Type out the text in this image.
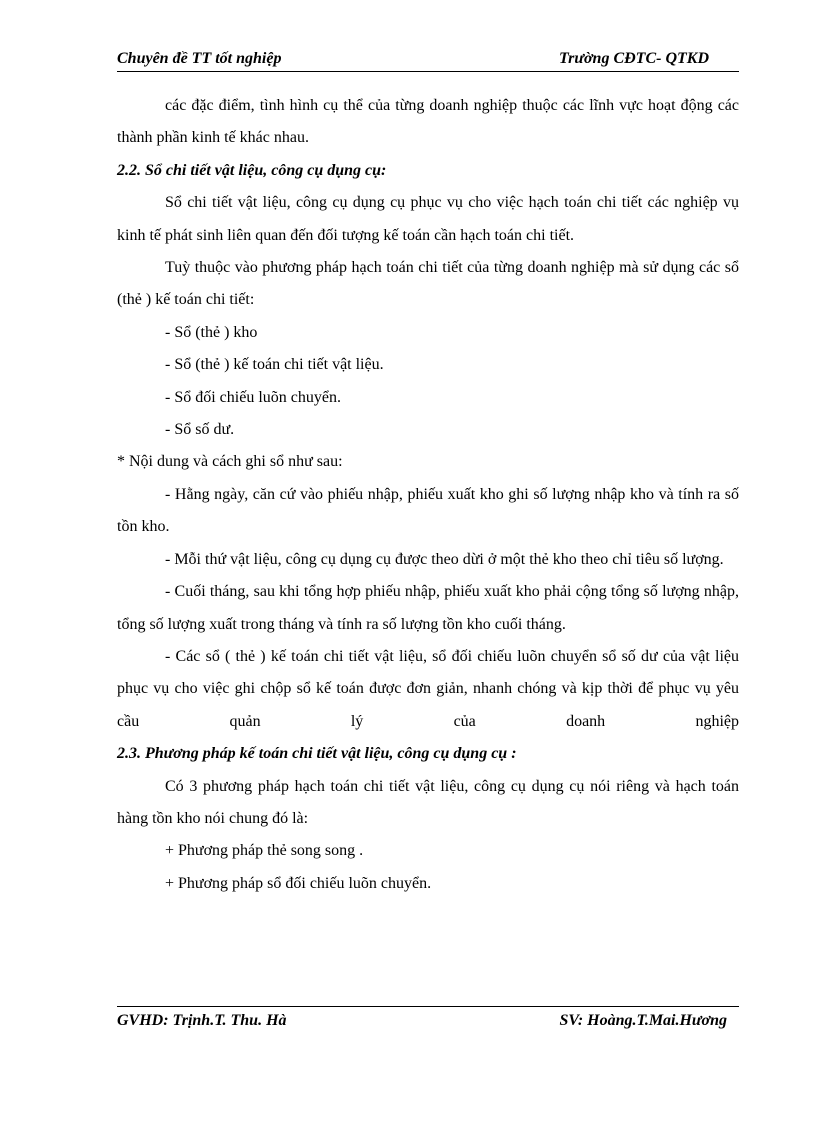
Chuyên đề TT tốt nghiệp	Trường CĐTC- QTKD

các đặc điểm, tình hình cụ thể của từng doanh nghiệp thuộc các lĩnh vực hoạt động các thành phần kinh tế khác nhau.

2.2. Sổ chi tiết vật liệu, công cụ dụng cụ:

Sổ chi tiết vật liệu, công cụ dụng cụ phục vụ cho việc hạch toán chi tiết các nghiệp vụ kinh tế phát sinh liên quan đến đối tượng kế toán cần hạch toán chi tiết.

Tuỳ thuộc vào phương pháp hạch toán chi tiết của từng doanh nghiệp mà sử dụng các sổ (thẻ ) kế toán chi tiết:

- Sổ (thẻ ) kho

- Sổ (thẻ ) kế toán chi tiết vật liệu.

- Sổ đối chiếu luõn chuyển.

- Sổ số dư.

* Nội dung và cách ghi sổ như sau:

- Hằng ngày, căn cứ vào phiếu nhập, phiếu xuất kho ghi số lượng nhập kho và tính ra số tồn kho.

- Mỗi thứ vật liệu, công cụ dụng cụ được theo dừi ở một thẻ kho theo chỉ tiêu số lượng.

- Cuối tháng, sau khi tổng hợp phiếu nhập, phiếu xuất kho phải cộng tổng số lượng nhập, tổng số lượng xuất trong tháng và tính ra số lượng tồn kho cuối tháng.

- Các sổ ( thẻ ) kế toán chi tiết vật liệu, sổ đối chiếu luõn chuyển sổ số dư của vật liệu phục vụ cho việc ghi chộp sổ kế toán được đơn giản, nhanh chóng và kịp thời để phục vụ yêu cầu quản lý của doanh nghiệp

2.3. Phương pháp kế toán chi tiết vật liệu, công cụ dụng cụ :

Có 3 phương pháp hạch toán chi tiết vật liệu, công cụ dụng cụ nói riêng và hạch toán hàng tồn kho nói chung đó là:

+ Phương pháp thẻ song song .

+ Phương pháp sổ đối chiếu luõn chuyển.

GVHD: Trịnh.T. Thu. Hà	SV: Hoàng.T.Mai.Hương
